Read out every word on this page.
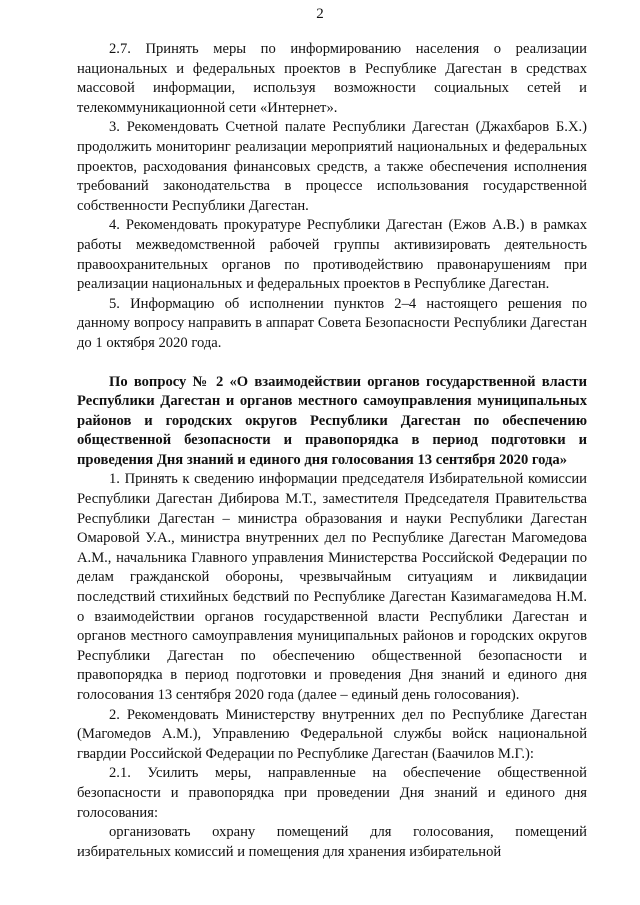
2

2.7. Принять меры по информированию населения о реализации национальных и федеральных проектов в Республике Дагестан в средствах массовой информации, используя возможности социальных сетей и телекоммуникационной сети «Интернет».

3. Рекомендовать Счетной палате Республики Дагестан (Джахбаров Б.Х.) продолжить мониторинг реализации мероприятий национальных и федеральных проектов, расходования финансовых средств, а также обеспечения исполнения требований законодательства в процессе использования государственной собственности Республики Дагестан.

4. Рекомендовать прокуратуре Республики Дагестан (Ежов А.В.) в рамках работы межведомственной рабочей группы активизировать деятельность правоохранительных органов по противодействию правонарушениям при реализации национальных и федеральных проектов в Республике Дагестан.

5. Информацию об исполнении пунктов 2–4 настоящего решения по данному вопросу направить в аппарат Совета Безопасности Республики Дагестан до 1 октября 2020 года.

По вопросу № 2 «О взаимодействии органов государственной власти Республики Дагестан и органов местного самоуправления муниципальных районов и городских округов Республики Дагестан по обеспечению общественной безопасности и правопорядка в период подготовки и проведения Дня знаний и единого дня голосования 13 сентября 2020 года»

1. Принять к сведению информации председателя Избирательной комиссии Республики Дагестан Дибирова М.Т., заместителя Председателя Правительства Республики Дагестан – министра образования и науки Республики Дагестан Омаровой У.А., министра внутренних дел по Республике Дагестан Магомедова А.М., начальника Главного управления Министерства Российской Федерации по делам гражданской обороны, чрезвычайным ситуациям и ликвидации последствий стихийных бедствий по Республике Дагестан Казимагамедова Н.М. о взаимодействии органов государственной власти Республики Дагестан и органов местного самоуправления муниципальных районов и городских округов Республики Дагестан по обеспечению общественной безопасности и правопорядка в период подготовки и проведения Дня знаний и единого дня голосования 13 сентября 2020 года (далее – единый день голосования).

2. Рекомендовать Министерству внутренних дел по Республике Дагестан (Магомедов А.М.), Управлению Федеральной службы войск национальной гвардии Российской Федерации по Республике Дагестан (Баачилов М.Г.):

2.1. Усилить меры, направленные на обеспечение общественной безопасности и правопорядка при проведении Дня знаний и единого дня голосования:

организовать охрану помещений для голосования, помещений избирательных комиссий и помещения для хранения избирательной
